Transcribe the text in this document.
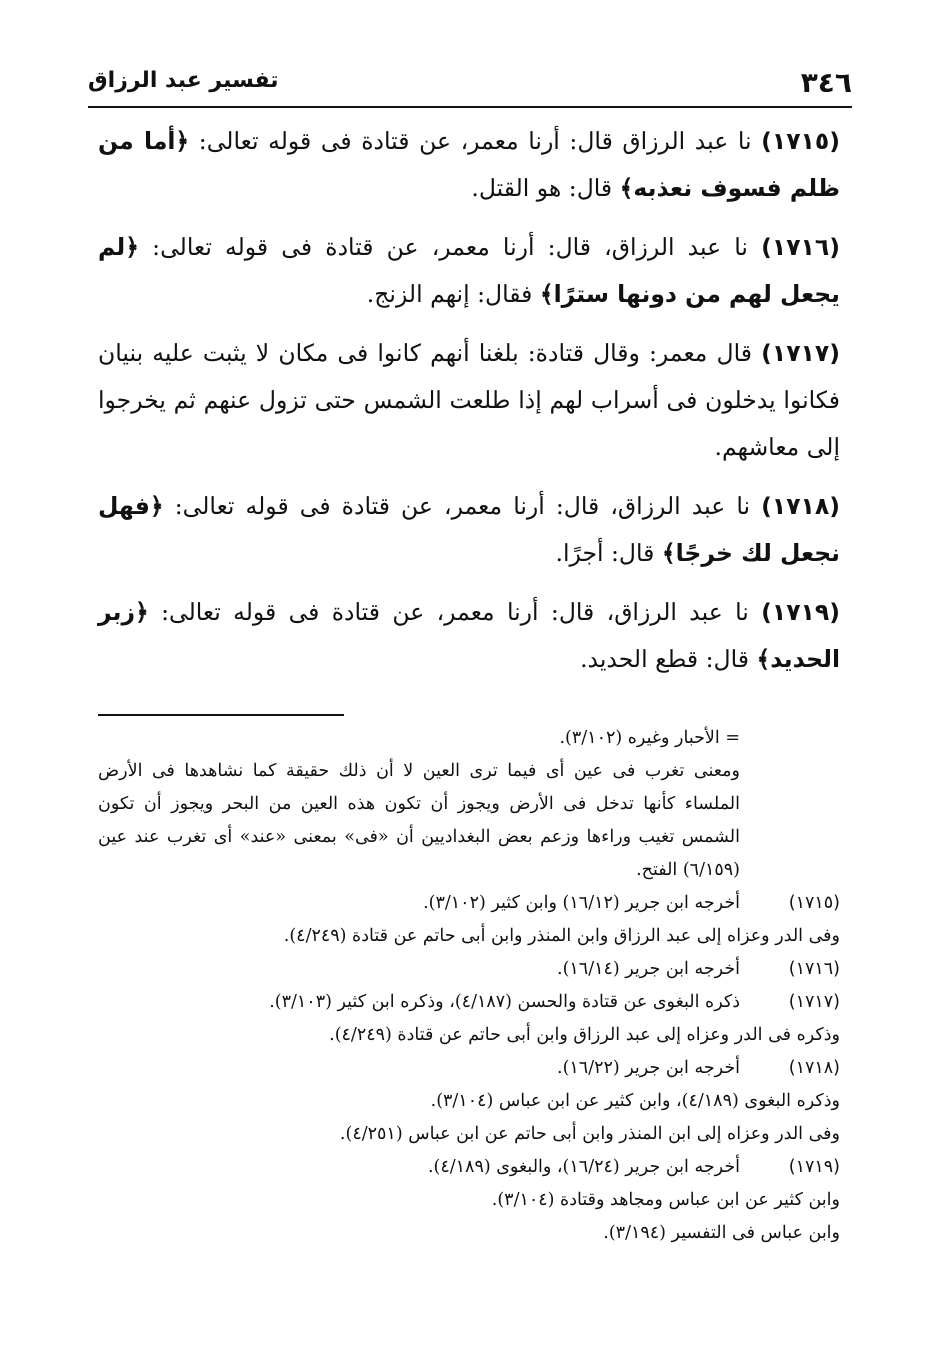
٣٤٦
تفسير عبد الرزاق

(١٧١٥) نا عبد الرزاق قال: أرنا معمر، عن قتادة فى قوله تعالى: ﴿أما من ظلم فسوف نعذبه﴾ قال: هو القتل.

(١٧١٦) نا عبد الرزاق، قال: أرنا معمر، عن قتادة فى قوله تعالى: ﴿لم يجعل لهم من دونها سترًا﴾ فقال: إنهم الزنج.

(١٧١٧) قال معمر: وقال قتادة: بلغنا أنهم كانوا فى مكان لا يثبت عليه بنيان فكانوا يدخلون فى أسراب لهم إذا طلعت الشمس حتى تزول عنهم ثم يخرجوا إلى معاشهم.

(١٧١٨) نا عبد الرزاق، قال: أرنا معمر، عن قتادة فى قوله تعالى: ﴿فهل نجعل لك خرجًا﴾ قال: أجرًا.

(١٧١٩) نا عبد الرزاق، قال: أرنا معمر، عن قتادة فى قوله تعالى: ﴿زبر الحديد﴾ قال: قطع الحديد.

= الأحبار وغيره (٣/١٠٢).
ومعنى تغرب فى عين أى فيما ترى العين لا أن ذلك حقيقة كما نشاهدها فى الأرض الملساء كأنها تدخل فى الأرض ويجوز أن تكون هذه العين من البحر ويجوز أن تكون الشمس تغيب وراءها وزعم بعض البغداديين أن «فى» بمعنى «عند» أى تغرب عند عين (٦/١٥٩) الفتح.
(١٧١٥)
أخرجه ابن جرير (١٦/١٢) وابن كثير (٣/١٠٢).
وفى الدر وعزاه إلى عبد الرزاق وابن المنذر وابن أبى حاتم عن قتادة (٤/٢٤٩).
(١٧١٦)
أخرجه ابن جرير (١٦/١٤).
(١٧١٧)
ذكره البغوى عن قتادة والحسن (٤/١٨٧)، وذكره ابن كثير (٣/١٠٣).
وذكره فى الدر وعزاه إلى عبد الرزاق وابن أبى حاتم عن قتادة (٤/٢٤٩).
(١٧١٨)
أخرجه ابن جرير (١٦/٢٢).
وذكره البغوى (٤/١٨٩)، وابن كثير عن ابن عباس (٣/١٠٤).
وفى الدر وعزاه إلى ابن المنذر وابن أبى حاتم عن ابن عباس (٤/٢٥١).
(١٧١٩)
أخرجه ابن جرير (١٦/٢٤)، والبغوى (٤/١٨٩).
وابن كثير عن ابن عباس ومجاهد وقتادة (٣/١٠٤).
وابن عباس فى التفسير (٣/١٩٤).
